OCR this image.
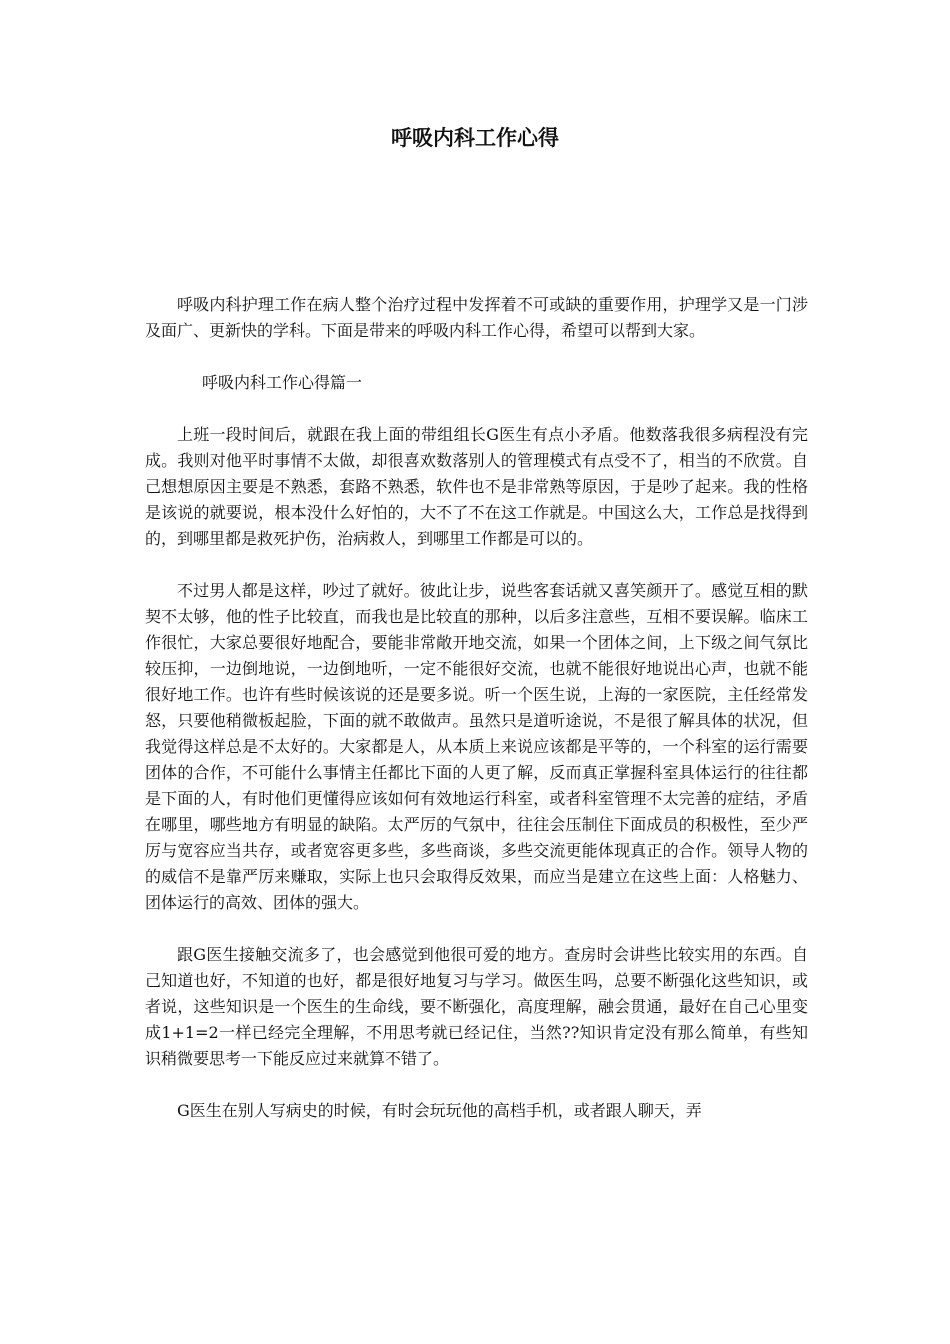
呼吸内科工作心得

呼吸内科护理工作在病人整个治疗过程中发挥着不可或缺的重要作用，护理学又是一门涉及面广、更新快的学科。下面是带来的呼吸内科工作心得，希望可以帮到大家。

呼吸内科工作心得篇一

上班一段时间后，就跟在我上面的带组组长G医生有点小矛盾。他数落我很多病程没有完成。我则对他平时事情不太做，却很喜欢数落别人的管理模式有点受不了，相当的不欣赏。自己想想原因主要是不熟悉，套路不熟悉，软件也不是非常熟等原因，于是吵了起来。我的性格是该说的就要说，根本没什么好怕的，大不了不在这工作就是。中国这么大，工作总是找得到的，到哪里都是救死护伤，治病救人，到哪里工作都是可以的。

不过男人都是这样，吵过了就好。彼此让步，说些客套话就又喜笑颜开了。感觉互相的默契不太够，他的性子比较直，而我也是比较直的那种，以后多注意些，互相不要误解。临床工作很忙，大家总要很好地配合，要能非常敞开地交流，如果一个团体之间，上下级之间气氛比较压抑，一边倒地说，一边倒地听，一定不能很好交流，也就不能很好地说出心声，也就不能很好地工作。也许有些时候该说的还是要多说。听一个医生说，上海的一家医院，主任经常发怒，只要他稍微板起脸，下面的就不敢做声。虽然只是道听途说，不是很了解具体的状况，但我觉得这样总是不太好的。大家都是人，从本质上来说应该都是平等的，一个科室的运行需要团体的合作，不可能什么事情主任都比下面的人更了解，反而真正掌握科室具体运行的往往都是下面的人，有时他们更懂得应该如何有效地运行科室，或者科室管理不太完善的症结，矛盾在哪里，哪些地方有明显的缺陷。太严厉的气氛中，往往会压制住下面成员的积极性，至少严厉与宽容应当共存，或者宽容更多些，多些商谈，多些交流更能体现真正的合作。领导人物的的威信不是靠严厉来赚取，实际上也只会取得反效果，而应当是建立在这些上面：人格魅力、团体运行的高效、团体的强大。

跟G医生接触交流多了，也会感觉到他很可爱的地方。查房时会讲些比较实用的东西。自己知道也好，不知道的也好，都是很好地复习与学习。做医生吗，总要不断强化这些知识，或者说，这些知识是一个医生的生命线，要不断强化，高度理解，融会贯通，最好在自己心里变成1+1=2一样已经完全理解，不用思考就已经记住，当然??知识肯定没有那么简单，有些知识稍微要思考一下能反应过来就算不错了。

G医生在别人写病史的时候，有时会玩玩他的高档手机，或者跟人聊天，弄
